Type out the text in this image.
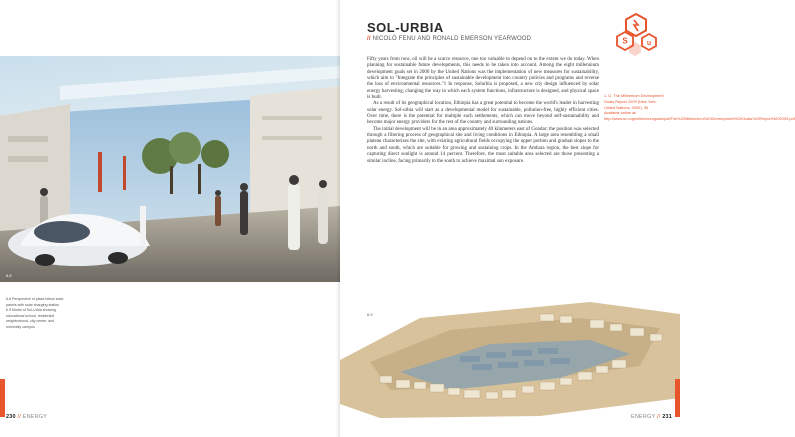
6.8

6.8 Perspective of plaza below solar panels with solar charging station

6.9 Model of Sol-Urbia showing educational school, residential neighborhood, city center, and university campus

230 // ENERGY
SOL-URBIA
// NICOLÒ FENU AND RONALD EMERSON YEARWOOD	S	u

Fifty years from now, oil will be a scarce resource, one too valuable to depend on to the extent we do today. When planning for sustainable future developments, this needs to be taken into account. Among the eight millennium development goals set in 2000 by the United Nations was the implementation of new measures for sustainability, which aim to "Integrate the principles of sustainable development into country policies and programs and reverse the loss of environmental resources."1 In response, Solurbia is proposed, a new city design influenced by solar energy harvesting, changing the way in which each system functions, infrastructure is designed, and physical space is built.

As a result of its geographical location, Ethiopia has a great potential to become the world's leader in harvesting solar energy. Sol-urbia will start as a developmental model for sustainable, pollution-free, highly efficient cities. Over time, there is the potential for multiple such settlements, which can move beyond self-sustainability and become major energy providers for the rest of the country and surrounding nations.

The initial development will be in an area approximately 40 kilometers east of Gondar; the position was selected through a filtering process of geographical site and living conditions in Ethiopia. A large area resembling a small plateau characterizes the site, with existing agricultural fields occupying the upper portion and gradual slopes to the north and south, which are suitable for growing and sustaining crops. In the Amhara region, the best slope for capturing direct sunlight is around 14 percent. Therefore, the most suitable area selected are those presenting a similar incline, facing primarily to the south to achieve maximal sun exposure.

1. U. The Millennium Development Goals Report 2009 (New York: United Nations, 2009), 36. Available online at: http://www.un.org/millenniumgoals/pdf/The%20Millennium%20Development%20Goals%20Report%202009.pdf
6.9
ENERGY // 231
